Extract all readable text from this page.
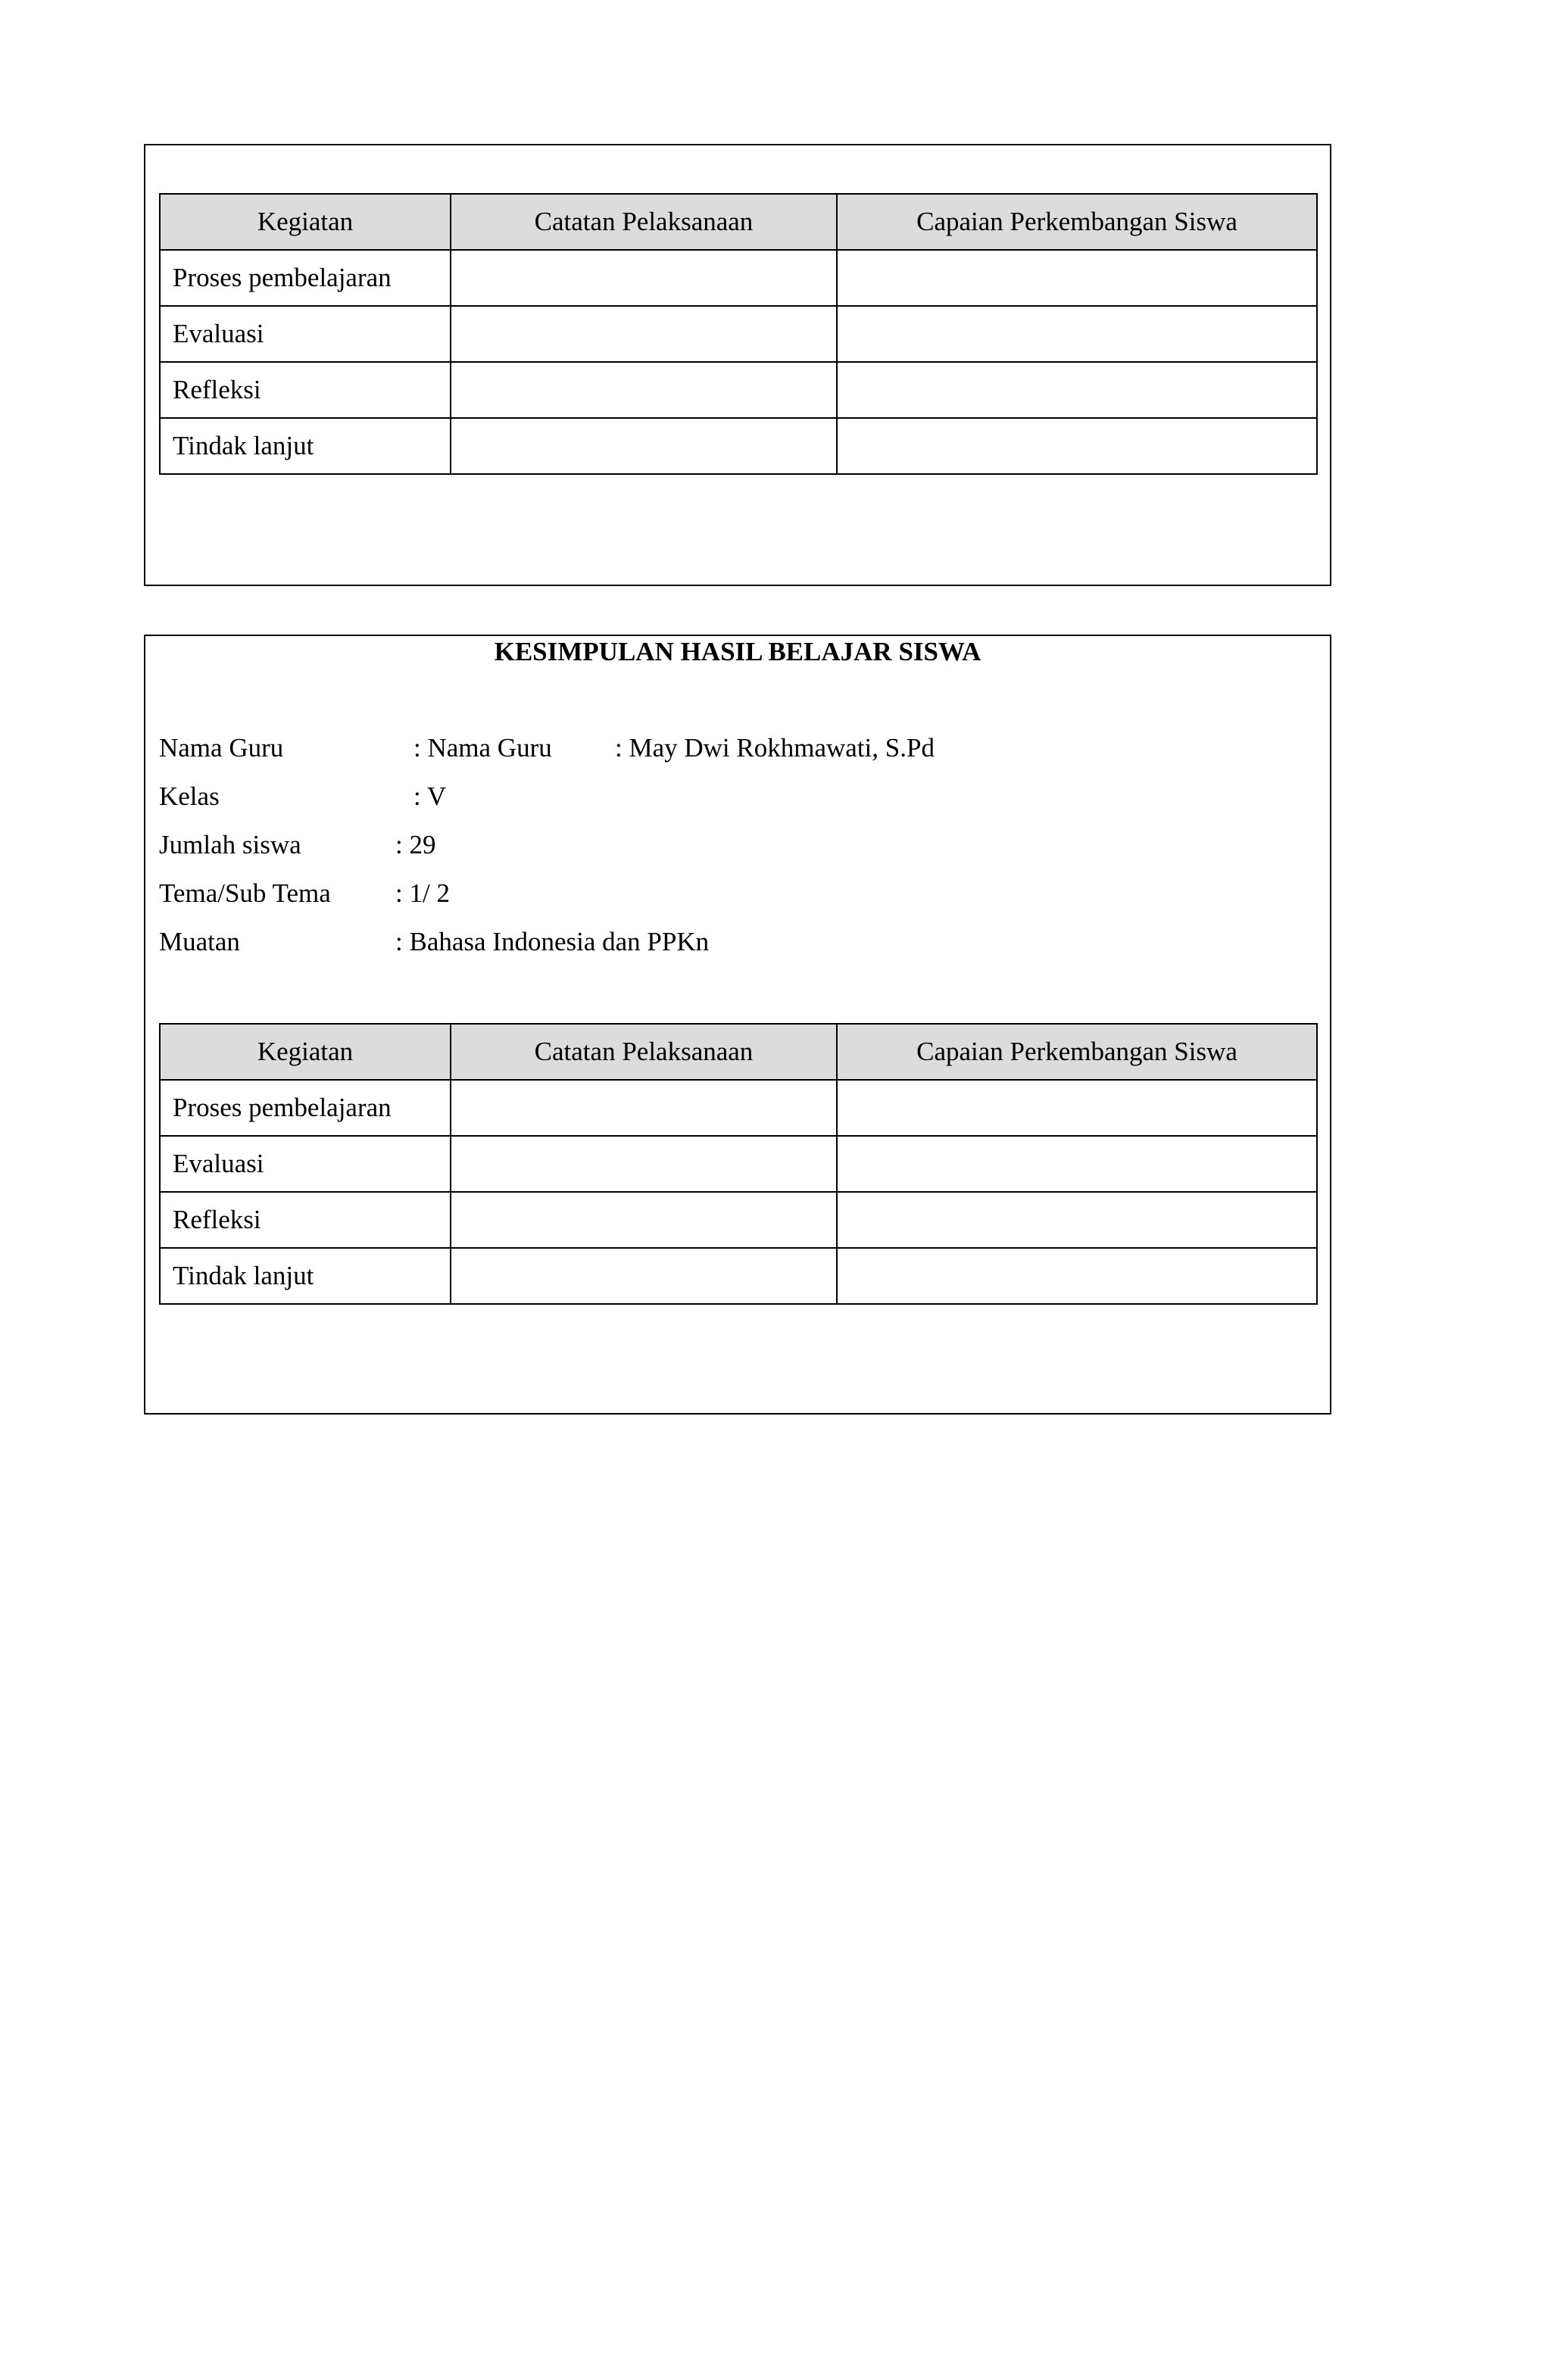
Kegiatan	Catatan Pelaksanaan	Capaian Perkembangan Siswa
Proses pembelajaran		
Evaluasi		
Refleksi		
Tindak lanjut		
KESIMPULAN HASIL BELAJAR SISWA
Nama Guru	: Nama Guru : May Dwi Rokhmawati, S.Pd
Kelas	: V
Jumlah siswa	: 29
Tema/Sub Tema : 1/ 2
Muatan	: Bahasa Indonesia dan PPKn
Kegiatan	Catatan Pelaksanaan	Capaian Perkembangan Siswa
Proses pembelajaran		
Evaluasi		
Refleksi		
Tindak lanjut		
